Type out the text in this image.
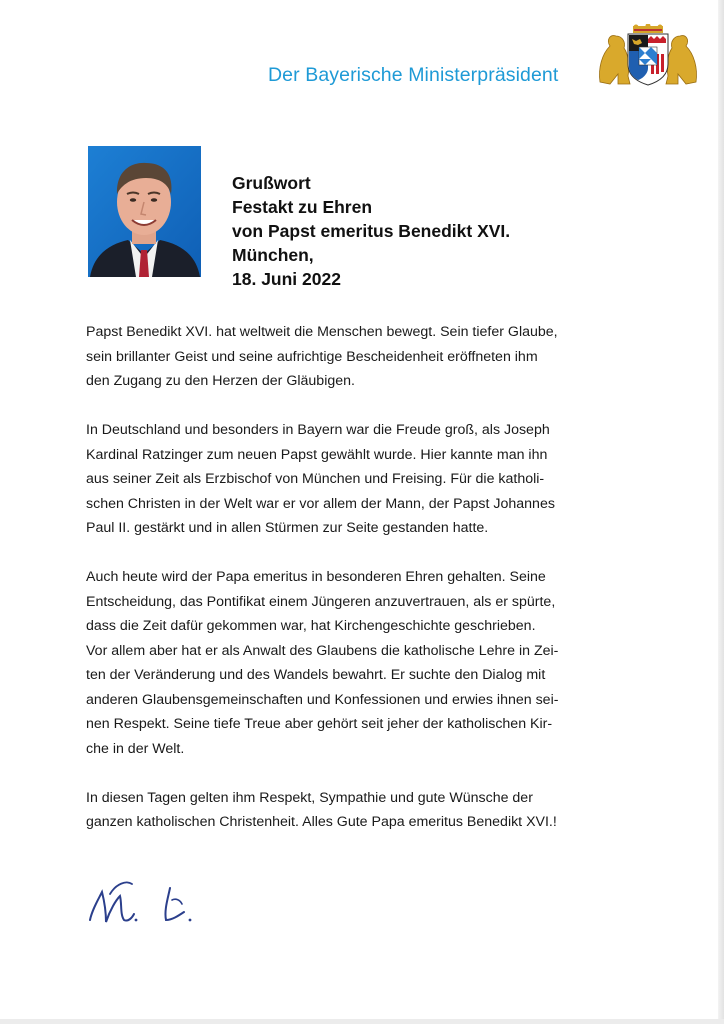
Der Bayerische Ministerpräsident
Grußwort
Festakt zu Ehren
von Papst emeritus Benedikt XVI.
München,
18. Juni 2022
Papst Benedikt XVI. hat weltweit die Menschen bewegt. Sein tiefer Glaube,
sein brillanter Geist und seine aufrichtige Bescheidenheit eröffneten ihm
den Zugang zu den Herzen der Gläubigen.
In Deutschland und besonders in Bayern war die Freude groß, als Joseph
Kardinal Ratzinger zum neuen Papst gewählt wurde. Hier kannte man ihn
aus seiner Zeit als Erzbischof von München und Freising. Für die katholi-
schen Christen in der Welt war er vor allem der Mann, der Papst Johannes
Paul II. gestärkt und in allen Stürmen zur Seite gestanden hatte.
Auch heute wird der Papa emeritus in besonderen Ehren gehalten. Seine
Entscheidung, das Pontifikat einem Jüngeren anzuvertrauen, als er spürte,
dass die Zeit dafür gekommen war, hat Kirchengeschichte geschrieben.
Vor allem aber hat er als Anwalt des Glaubens die katholische Lehre in Zei-
ten der Veränderung und des Wandels bewahrt. Er suchte den Dialog mit
anderen Glaubensgemeinschaften und Konfessionen und erwies ihnen sei-
nen Respekt. Seine tiefe Treue aber gehört seit jeher der katholischen Kir-
che in der Welt.
In diesen Tagen gelten ihm Respekt, Sympathie und gute Wünsche der
ganzen katholischen Christenheit. Alles Gute Papa emeritus Benedikt XVI.!
